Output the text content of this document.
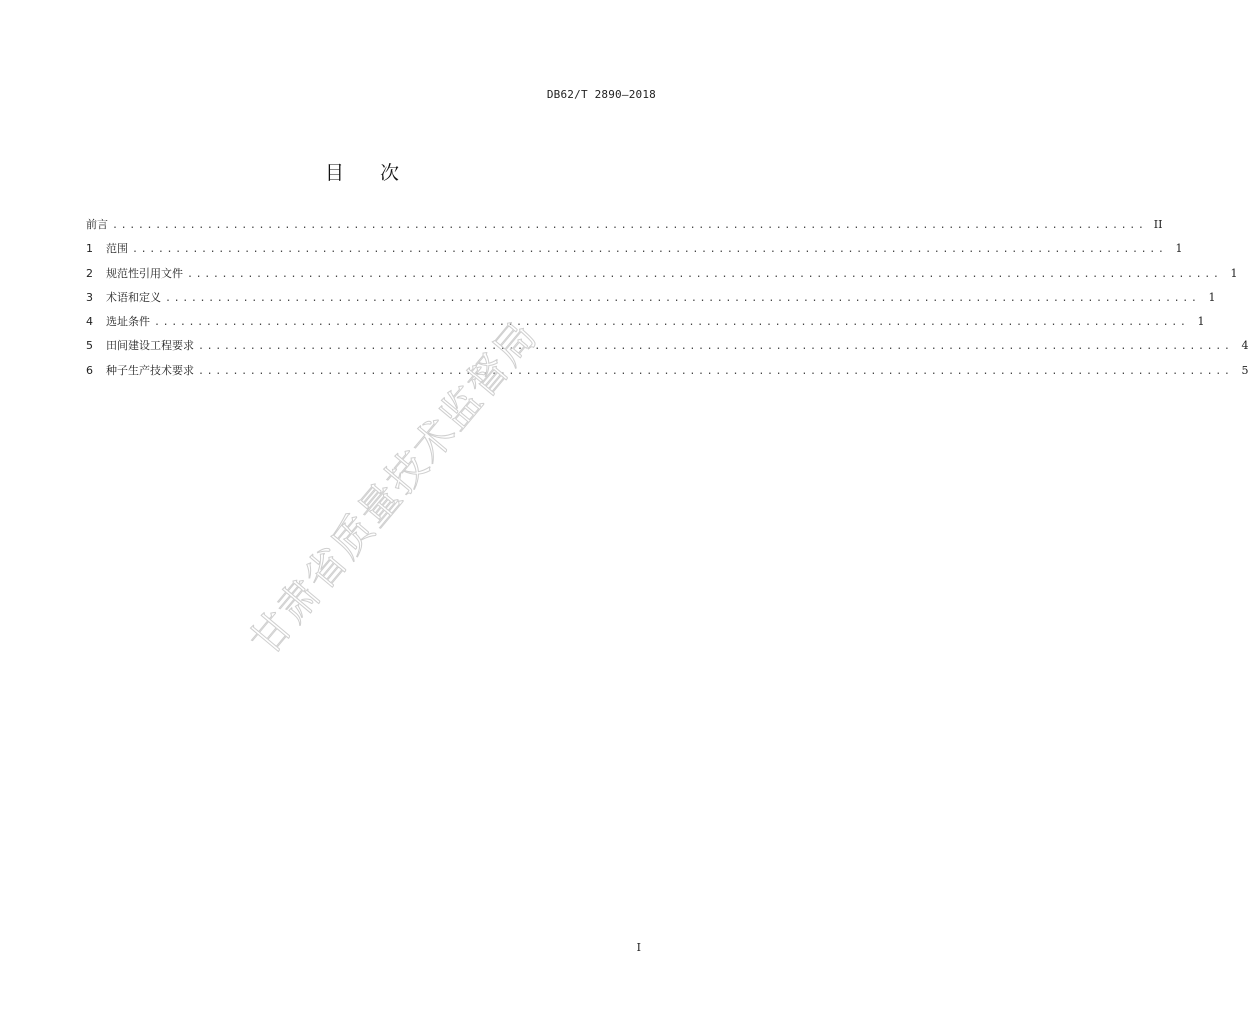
DB62/T 2890—2018
目 次
前言 ........................................................................................................................ II
1	范围 ........................................................................................................................ 1
2	规范性引用文件 ........................................................................................................................ 1
3	术语和定义 ........................................................................................................................ 1
4	选址条件 ........................................................................................................................ 1
5	田间建设工程要求 ........................................................................................................................ 4
6	种子生产技术要求 ........................................................................................................................ 5
甘肃省质量技术监督局
I
